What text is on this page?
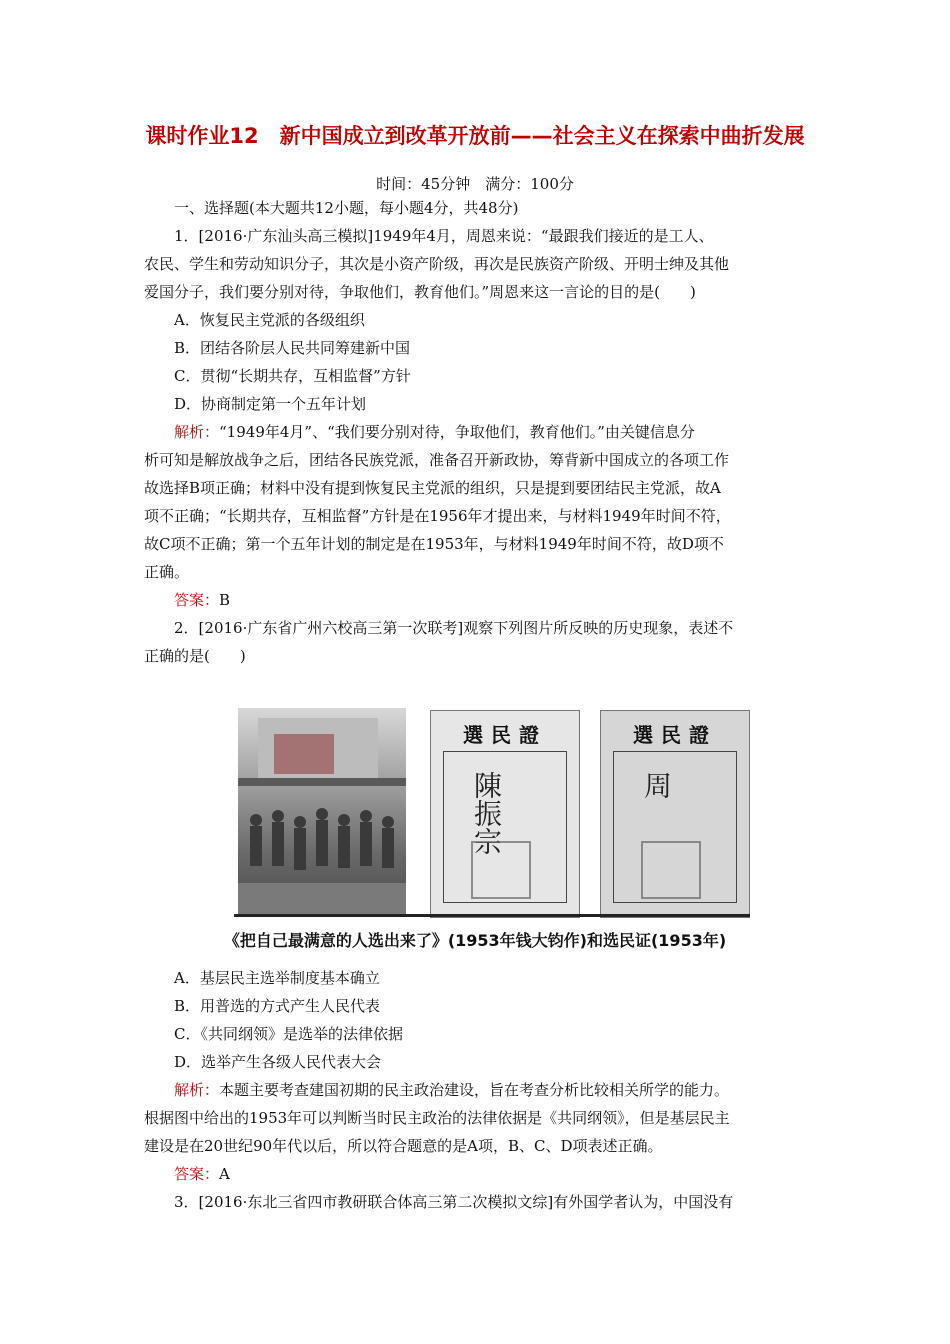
课时作业12　新中国成立到改革开放前——社会主义在探索中曲折发展
时间：45分钟　满分：100分
一、选择题(本大题共12小题，每小题4分，共48分)
1．[2016·广东汕头高三模拟]1949年4月，周恩来说：“最跟我们接近的是工人、
农民、学生和劳动知识分子，其次是小资产阶级，再次是民族资产阶级、开明士绅及其他
爱国分子，我们要分别对待，争取他们，教育他们。”周恩来这一言论的目的是(　　)
A．恢复民主党派的各级组织
B．团结各阶层人民共同筹建新中国
C．贯彻“长期共存，互相监督”方针
D．协商制定第一个五年计划
解析：“1949年4月”、“我们要分别对待，争取他们，教育他们。”由关键信息分
析可知是解放战争之后，团结各民族党派，准备召开新政协，筹背新中国成立的各项工作
故选择B项正确；材料中没有提到恢复民主党派的组织，只是提到要团结民主党派，故A
项不正确；“长期共存，互相监督”方针是在1956年才提出来，与材料1949年时间不符，
故C项不正确；第一个五年计划的制定是在1953年，与材料1949年时间不符，故D项不
正确。
答案：B
2．[2016·广东省广州六校高三第一次联考]观察下列图片所反映的历史现象，表述不
正确的是(　　)
選民證
陳振宗
選民證
周
《把自己最满意的人选出来了》(1953年钱大钧作)和选民证(1953年)
A．基层民主选举制度基本确立
B．用普选的方式产生人民代表
C．《共同纲领》是选举的法律依据
D．选举产生各级人民代表大会
解析：本题主要考查建国初期的民主政治建设，旨在考查分析比较相关所学的能力。
根据图中给出的1953年可以判断当时民主政治的法律依据是《共同纲领》，但是基层民主
建设是在20世纪90年代以后，所以符合题意的是A项，B、C、D项表述正确。
答案：A
3．[2016·东北三省四市教研联合体高三第二次模拟文综]有外国学者认为，中国没有
